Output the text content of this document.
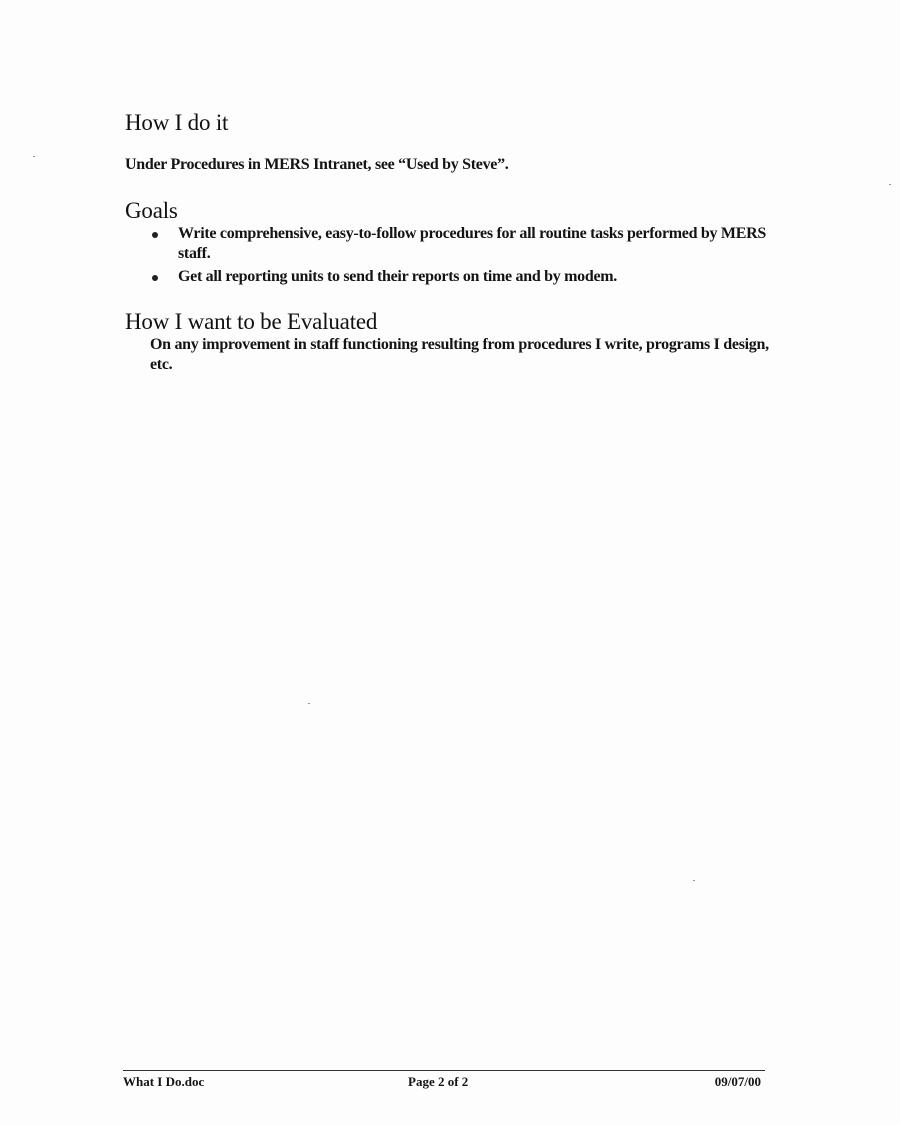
How I do it
Under Procedures in MERS Intranet, see “Used by Steve”.
Goals
Write comprehensive, easy-to-follow procedures for all routine tasks performed by MERS staff.
Get all reporting units to send their reports on time and by modem.
How I want to be Evaluated
On any improvement in staff functioning resulting from procedures I write, programs I design, etc.
What I Do.doc	Page 2 of 2	09/07/00
